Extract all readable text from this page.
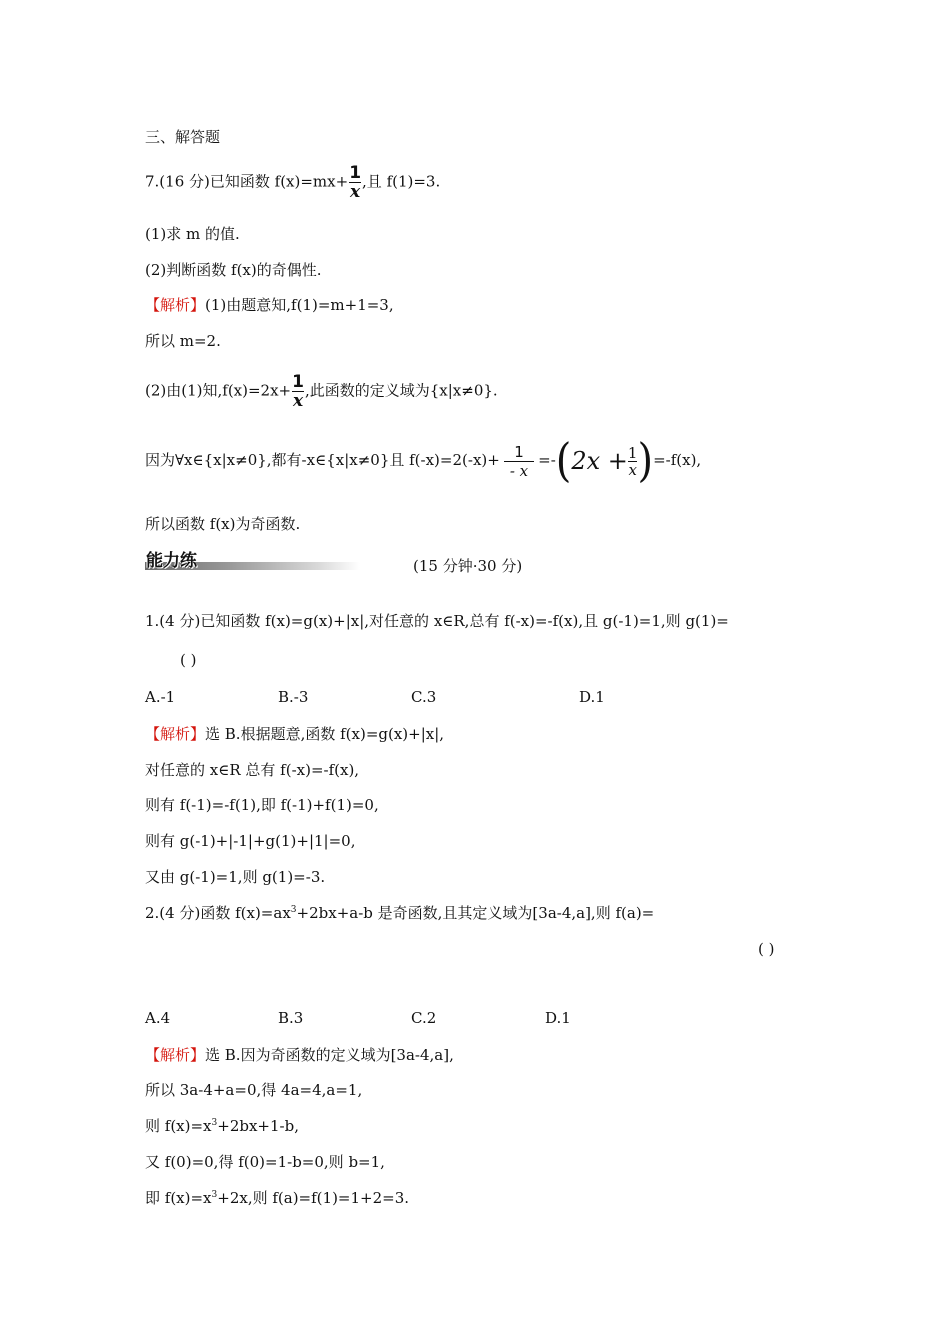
三、解答题
7.(16 分)已知函数 $f(x)=mx+ \frac{1}{x}$ ,且 f(1)=3.
(1)求 m 的值.
(2)判断函数 f(x)的奇偶性.
【解析】(1)由题意知,f(1)=m+1=3,
所以 m=2.
(2)由(1)知$,f(x)=2x+ \frac{1}{x}$ ,此函数的定义域为{x|x≠0}.
因为∀x∈{x|x≠0},都有-x∈{x|x≠0}且 $f(-x)=2(-x)+ \frac{1}{- x} =-(2x + \frac{1}{x} )=-f(x)$,
所以函数 f(x)为奇函数.
能力练	(15 分钟·30 分)
1.(4 分)已知函数 f(x)=g(x)+|x|,对任意的 x∈R,总有 f(-x)=-f(x),且 g(-1)=1,则 g(1)=
( )
A.-1	B.-3	C.3	D.1
【解析】选 B.根据题意,函数 f(x)=g(x)+|x|,
对任意的 x∈R 总有 f(-x)=-f(x),
则有 f(-1)=-f(1),即 f(-1)+f(1)=0,
则有 g(-1)+|-1|+g(1)+|1|=0,
又由 g(-1)=1,则 g(1)=-3.
2.(4 分)函数 $f(x)=ax^3+2bx+a-b$ 是奇函数,且其定义域为[3a-4,a],则 f(a)=
( )
A.4	B.3	C.2	D.1
【解析】选 B.因为奇函数的定义域为[3a-4,a],
所以 3a-4+a=0,得 4a=4,a=1,
则 $f(x)=x^3+2bx+1-b$,
又 f(0)=0,得 f(0)=1-b=0,则 b=1,
即 $f(x)=x^3+2x$,则 f(a)=f(1)=1+2=3.
